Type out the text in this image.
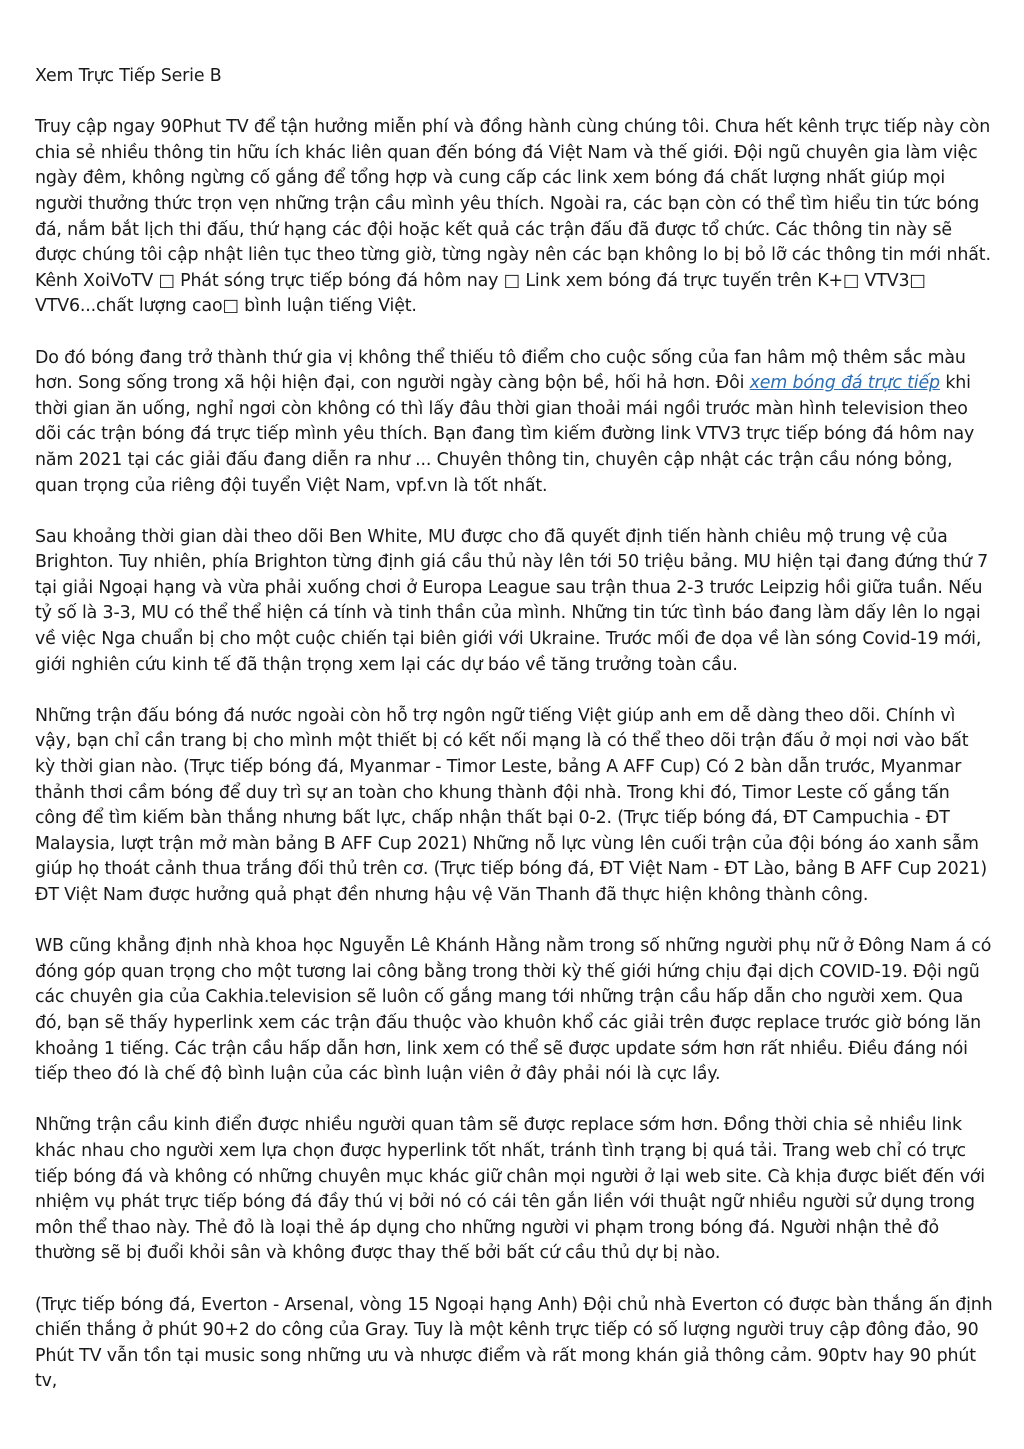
Xem Trực Tiếp Serie B

Truy cập ngay 90Phut TV để tận hưởng miễn phí và đồng hành cùng chúng tôi. Chưa hết kênh trực tiếp này còn chia sẻ nhiều thông tin hữu ích khác liên quan đến bóng đá Việt Nam và thế giới. Đội ngũ chuyên gia làm việc ngày đêm, không ngừng cố gắng để tổng hợp và cung cấp các link xem bóng đá chất lượng nhất giúp mọi người thưởng thức trọn vẹn những trận cầu mình yêu thích. Ngoài ra, các bạn còn có thể tìm hiểu tin tức bóng đá, nắm bắt lịch thi đấu, thứ hạng các đội hoặc kết quả các trận đấu đã được tổ chức. Các thông tin này sẽ được chúng tôi cập nhật liên tục theo từng giờ, từng ngày nên các bạn không lo bị bỏ lỡ các thông tin mới nhất. Kênh XoiVoTV □ Phát sóng trực tiếp bóng đá hôm nay □ Link xem bóng đá trực tuyến trên K+□ VTV3□ VTV6...chất lượng cao□ bình luận tiếng Việt.

Do đó bóng đang trở thành thứ gia vị không thể thiếu tô điểm cho cuộc sống của fan hâm mộ thêm sắc màu hơn. Song sống trong xã hội hiện đại, con người ngày càng bộn bề, hối hả hơn. Đôi xem bóng đá trực tiếp khi thời gian ăn uống, nghỉ ngơi còn không có thì lấy đâu thời gian thoải mái ngồi trước màn hình television theo dõi các trận bóng đá trực tiếp mình yêu thích. Bạn đang tìm kiếm đường link VTV3 trực tiếp bóng đá hôm nay năm 2021 tại các giải đấu đang diễn ra như ... Chuyên thông tin, chuyên cập nhật các trận cầu nóng bỏng, quan trọng của riêng đội tuyển Việt Nam, vpf.vn là tốt nhất.

Sau khoảng thời gian dài theo dõi Ben White, MU được cho đã quyết định tiến hành chiêu mộ trung vệ của Brighton. Tuy nhiên, phía Brighton từng định giá cầu thủ này lên tới 50 triệu bảng. MU hiện tại đang đứng thứ 7 tại giải Ngoại hạng và vừa phải xuống chơi ở Europa League sau trận thua 2-3 trước Leipzig hồi giữa tuần. Nếu tỷ số là 3-3, MU có thể thể hiện cá tính và tinh thần của mình. Những tin tức tình báo đang làm dấy lên lo ngại về việc Nga chuẩn bị cho một cuộc chiến tại biên giới với Ukraine. Trước mối đe dọa về làn sóng Covid-19 mới, giới nghiên cứu kinh tế đã thận trọng xem lại các dự báo về tăng trưởng toàn cầu.

Những trận đấu bóng đá nước ngoài còn hỗ trợ ngôn ngữ tiếng Việt giúp anh em dễ dàng theo dõi. Chính vì vậy, bạn chỉ cần trang bị cho mình một thiết bị có kết nối mạng là có thể theo dõi trận đấu ở mọi nơi vào bất kỳ thời gian nào. (Trực tiếp bóng đá, Myanmar - Timor Leste, bảng A AFF Cup) Có 2 bàn dẫn trước, Myanmar thảnh thơi cầm bóng để duy trì sự an toàn cho khung thành đội nhà. Trong khi đó, Timor Leste cố gắng tấn công để tìm kiếm bàn thắng nhưng bất lực, chấp nhận thất bại 0-2. (Trực tiếp bóng đá, ĐT Campuchia - ĐT Malaysia, lượt trận mở màn bảng B AFF Cup 2021) Những nỗ lực vùng lên cuối trận của đội bóng áo xanh sẫm giúp họ thoát cảnh thua trắng đối thủ trên cơ. (Trực tiếp bóng đá, ĐT Việt Nam - ĐT Lào, bảng B AFF Cup 2021) ĐT Việt Nam được hưởng quả phạt đền nhưng hậu vệ Văn Thanh đã thực hiện không thành công.

WB cũng khẳng định nhà khoa học Nguyễn Lê Khánh Hằng nằm trong số những người phụ nữ ở Đông Nam á có đóng góp quan trọng cho một tương lai công bằng trong thời kỳ thế giới hứng chịu đại dịch COVID-19. Đội ngũ các chuyên gia của Cakhia.television sẽ luôn cố gắng mang tới những trận cầu hấp dẫn cho người xem. Qua đó, bạn sẽ thấy hyperlink xem các trận đấu thuộc vào khuôn khổ các giải trên được replace trước giờ bóng lăn khoảng 1 tiếng. Các trận cầu hấp dẫn hơn, link xem có thể sẽ được update sớm hơn rất nhiều. Điều đáng nói tiếp theo đó là chế độ bình luận của các bình luận viên ở đây phải nói là cực lầy.

Những trận cầu kinh điển được nhiều người quan tâm sẽ được replace sớm hơn. Đồng thời chia sẻ nhiều link khác nhau cho người xem lựa chọn được hyperlink tốt nhất, tránh tình trạng bị quá tải. Trang web chỉ có trực tiếp bóng đá và không có những chuyên mục khác giữ chân mọi người ở lại web site. Cà khịa được biết đến với nhiệm vụ phát trực tiếp bóng đá đầy thú vị bởi nó có cái tên gắn liền với thuật ngữ nhiều người sử dụng trong môn thể thao này. Thẻ đỏ là loại thẻ áp dụng cho những người vi phạm trong bóng đá. Người nhận thẻ đỏ thường sẽ bị đuổi khỏi sân và không được thay thế bởi bất cứ cầu thủ dự bị nào.

(Trực tiếp bóng đá, Everton - Arsenal, vòng 15 Ngoại hạng Anh) Đội chủ nhà Everton có được bàn thắng ấn định chiến thắng ở phút 90+2 do công của Gray. Tuy là một kênh trực tiếp có số lượng người truy cập đông đảo, 90 Phút TV vẫn tồn tại music song những ưu và nhược điểm và rất mong khán giả thông cảm. 90ptv hay 90 phút tv,
